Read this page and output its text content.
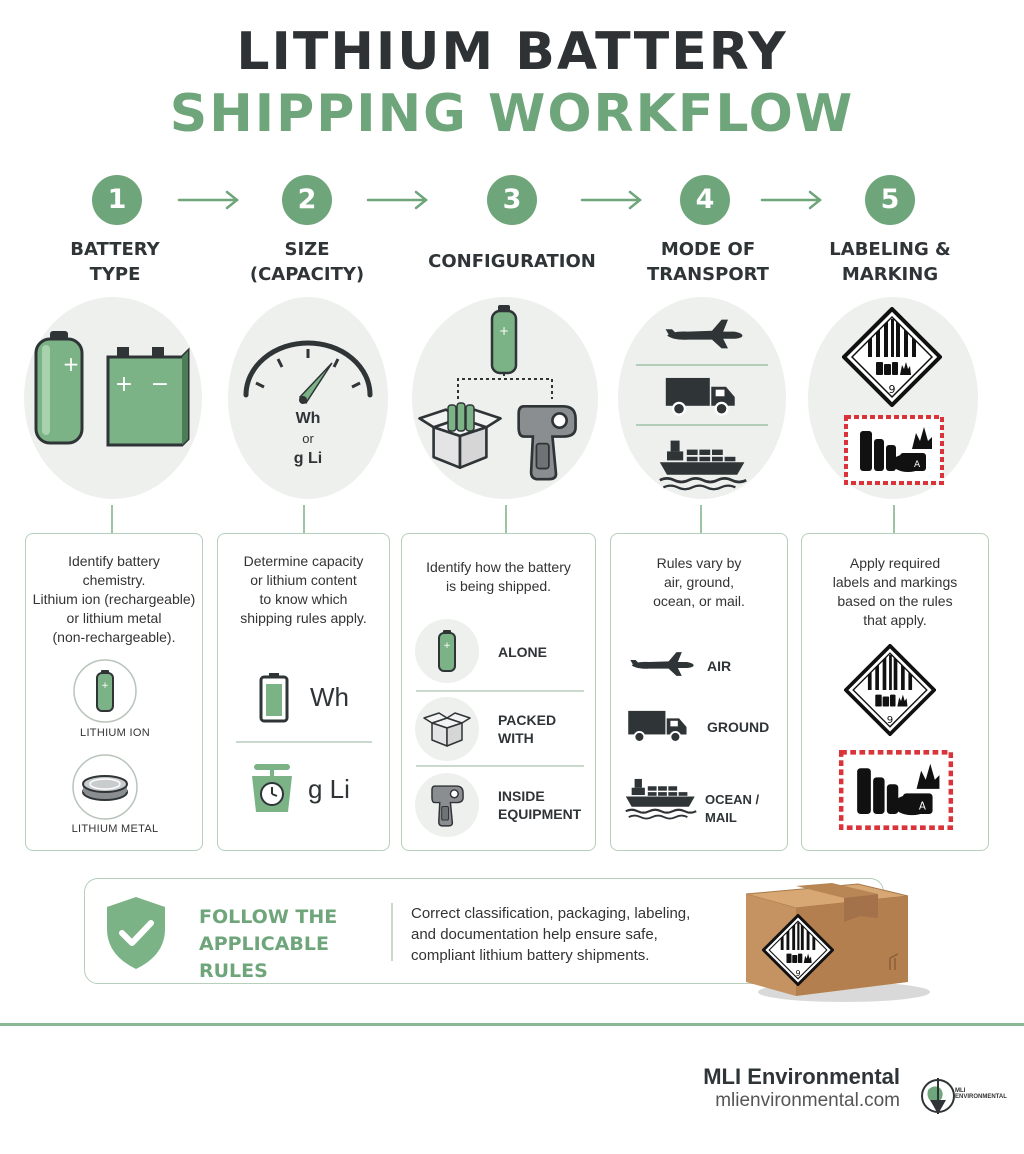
LITHIUM BATTERY
SHIPPING WORKFLOW
1	2	3	4	5
BATTERY
TYPE
SIZE
(CAPACITY)
CONFIGURATION
MODE OF
TRANSPORT
LABELING &
MARKING
+
+ −
Wh
or
g Li
+
Identify battery
chemistry.
Lithium ion (rechargeable)
or lithium metal
(non-rechargeable).
+
LITHIUM ION
LITHIUM METAL
Determine capacity
or lithium content
to know which
shipping rules apply.
Wh
g Li
Identify how the battery
is being shipped.
+	ALONE
PACKED
WITH
INSIDE
EQUIPMENT
Rules vary by
air, ground,
ocean, or mail.
AIR
GROUND
OCEAN / MAIL
Apply required
labels and markings
based on the rules
that apply.
FOLLOW THE
APPLICABLE RULES
Correct classification, packaging, labeling,
and documentation help ensure safe,
compliant lithium battery shipments.
MLI Environmental
mlienvironmental.com	MLI
ENVIRONMENTAL
